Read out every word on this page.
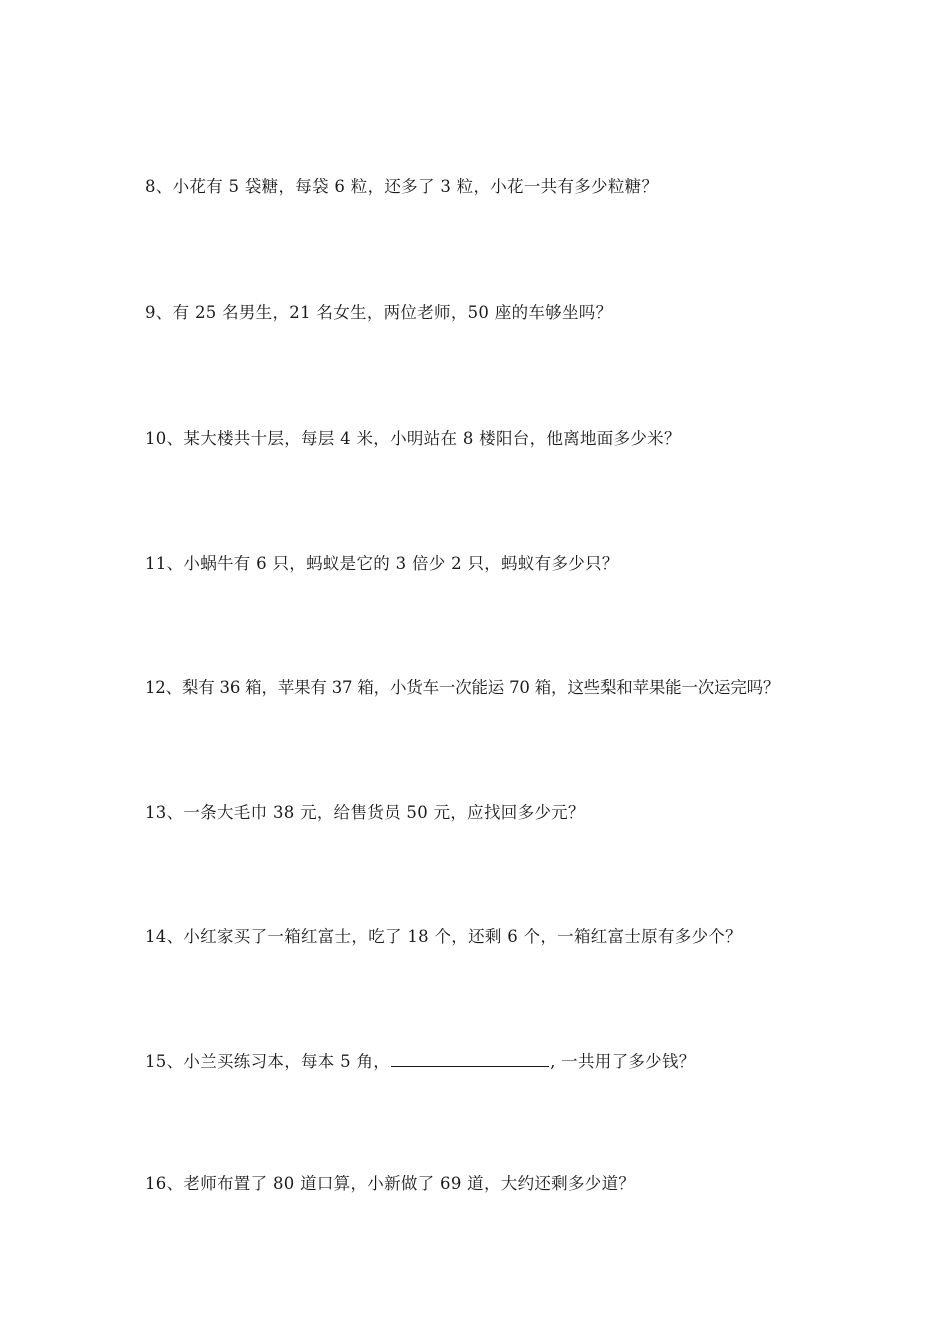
8、小花有 5 袋糖，每袋 6 粒，还多了 3 粒，小花一共有多少粒糖？
9、有 25 名男生，21 名女生，两位老师，50 座的车够坐吗？
10、某大楼共十层，每层 4 米，小明站在 8 楼阳台，他离地面多少米？
11、小蜗牛有 6 只，蚂蚁是它的 3 倍少 2 只，蚂蚁有多少只？
12、梨有 36 箱，苹果有 37 箱，小货车一次能运 70 箱，这些梨和苹果能一次运完吗？
13、一条大毛巾 38 元，给售货员 50 元，应找回多少元？
14、小红家买了一箱红富士，吃了 18 个，还剩 6 个，一箱红富士原有多少个？
15、小兰买练习本，每本 5 角，	, 一共用了多少钱？
16、老师布置了 80 道口算，小新做了 69 道，大约还剩多少道？
